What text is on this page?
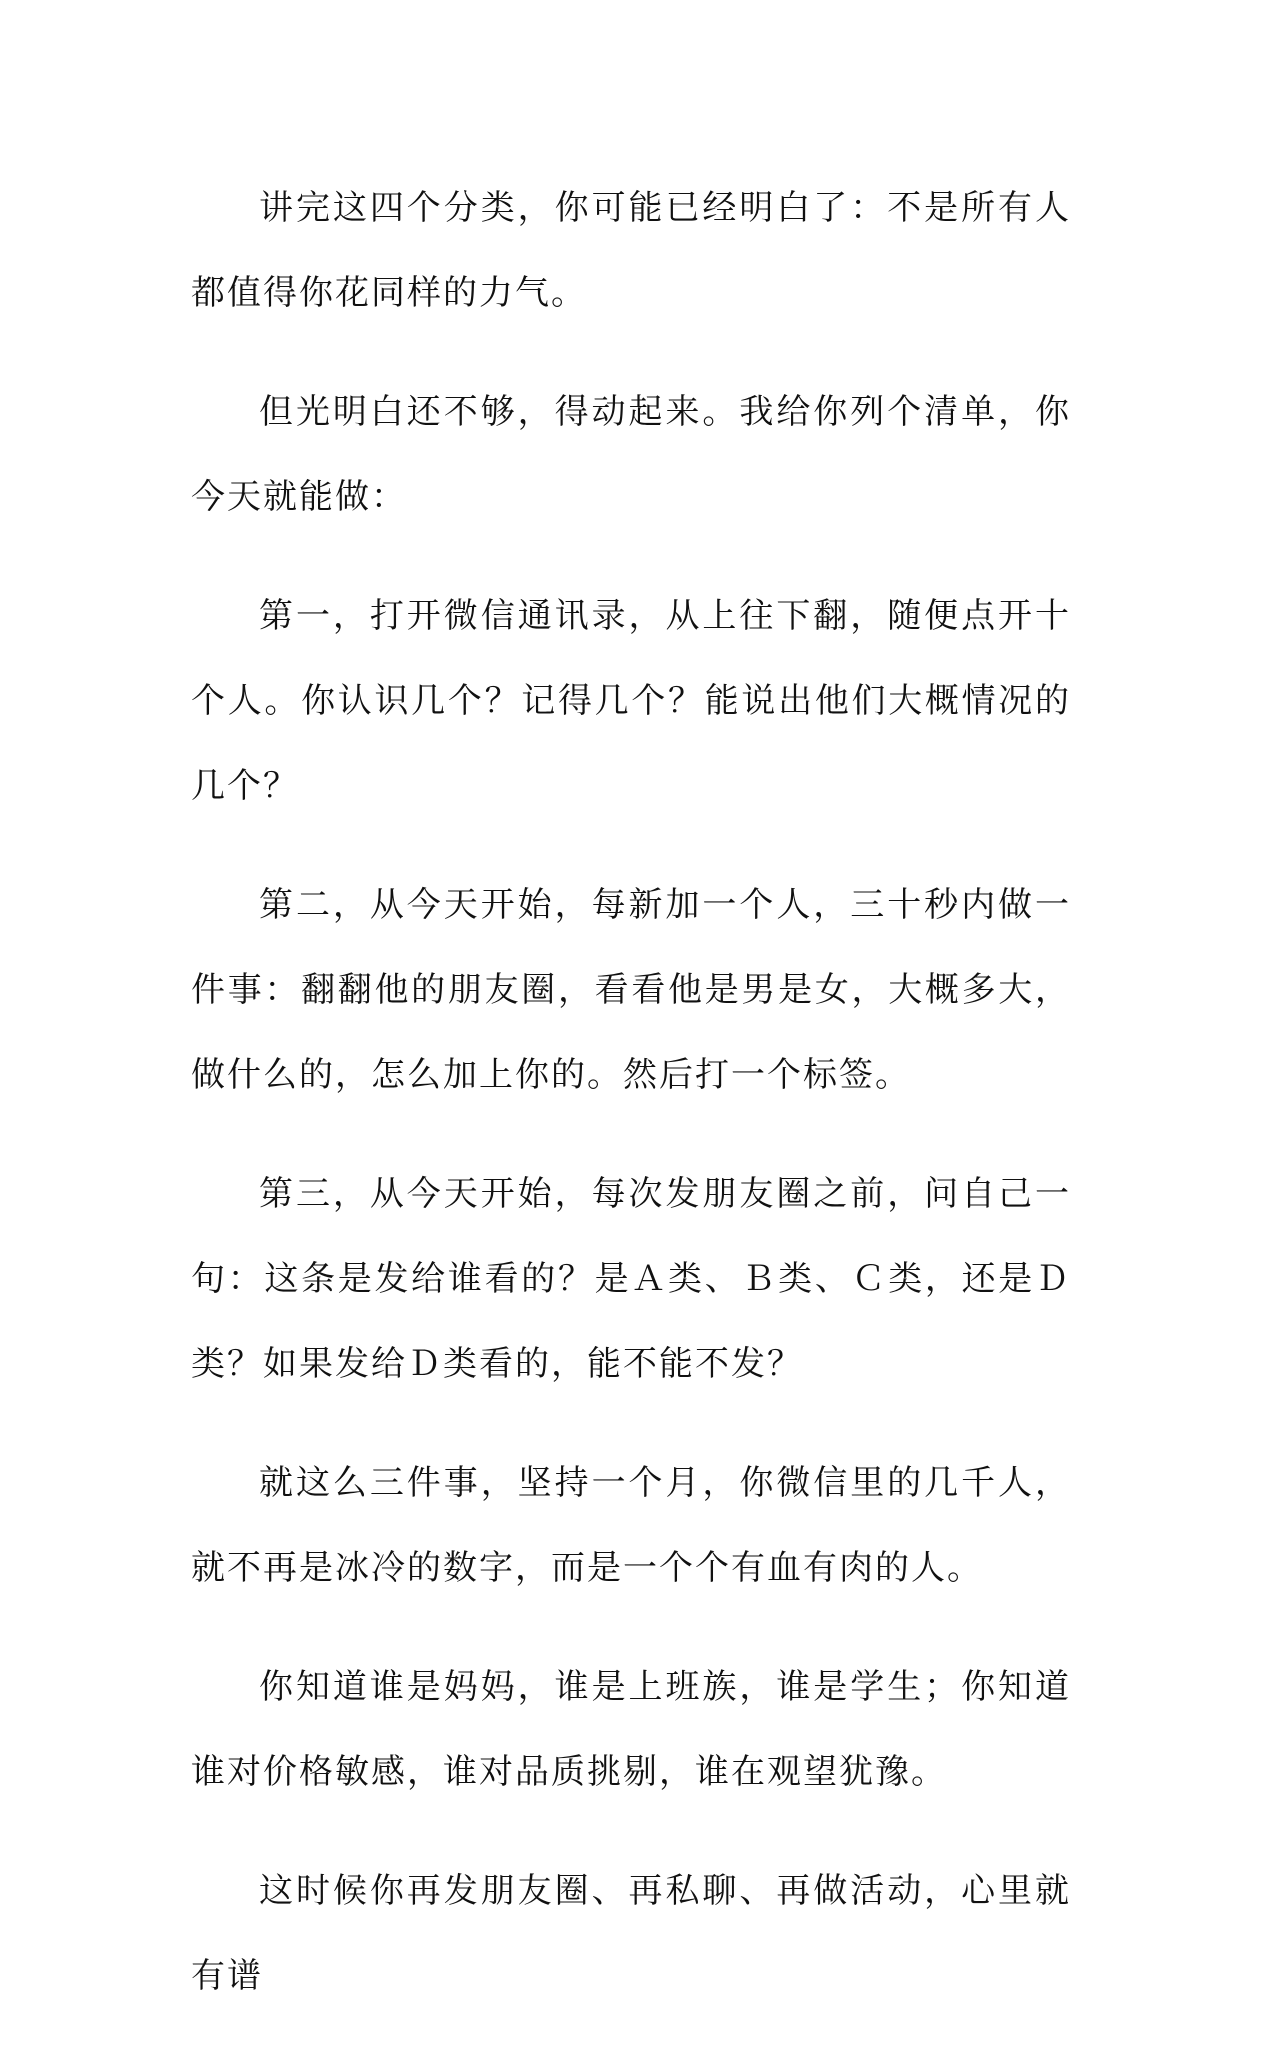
讲完这四个分类，你可能已经明白了：不是所有人都值得你花同样的力气。

但光明白还不够，得动起来。我给你列个清单，你今天就能做：

第一，打开微信通讯录，从上往下翻，随便点开十个人。你认识几个？记得几个？能说出他们大概情况的几个？

第二，从今天开始，每新加一个人，三十秒内做一件事：翻翻他的朋友圈，看看他是男是女，大概多大，做什么的，怎么加上你的。然后打一个标签。

第三，从今天开始，每次发朋友圈之前，问自己一句：这条是发给谁看的？是Ａ类、Ｂ类、Ｃ类，还是Ｄ类？如果发给Ｄ类看的，能不能不发？

就这么三件事，坚持一个月，你微信里的几千人，就不再是冰冷的数字，而是一个个有血有肉的人。

你知道谁是妈妈，谁是上班族，谁是学生；你知道谁对价格敏感，谁对品质挑剔，谁在观望犹豫。

这时候你再发朋友圈、再私聊、再做活动，心里就有谱
